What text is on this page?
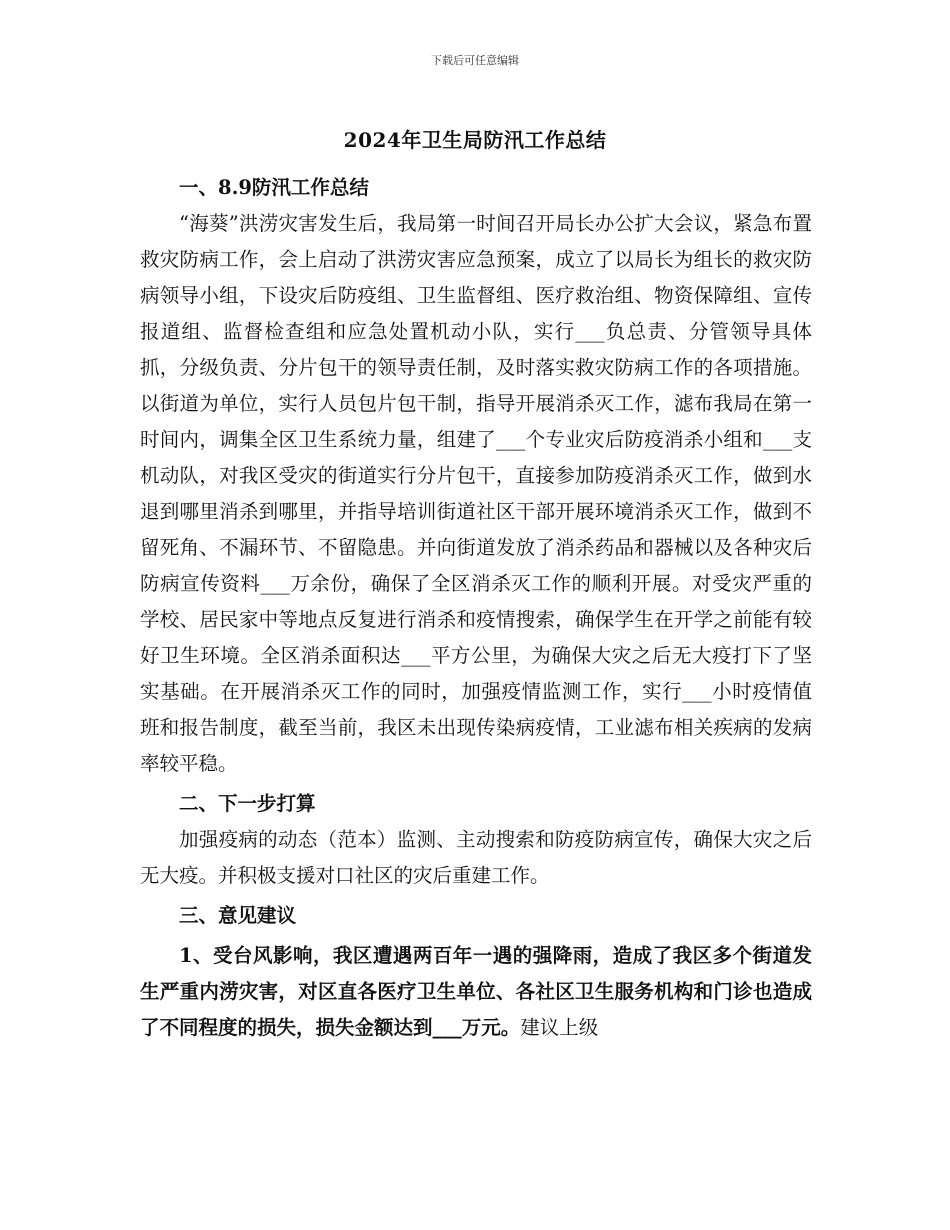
下载后可任意编辑
2024年卫生局防汛工作总结

一、8.9防汛工作总结

“海葵”洪涝灾害发生后，我局第一时间召开局长办公扩大会议，紧急布置救灾防病工作，会上启动了洪涝灾害应急预案，成立了以局长为组长的救灾防病领导小组，下设灾后防疫组、卫生监督组、医疗救治组、物资保障组、宣传报道组、监督检查组和应急处置机动小队，实行___负总责、分管领导具体抓，分级负责、分片包干的领导责任制，及时落实救灾防病工作的各项措施。以街道为单位，实行人员包片包干制，指导开展消杀灭工作，滤布我局在第一时间内，调集全区卫生系统力量，组建了___个专业灾后防疫消杀小组和___支机动队，对我区受灾的街道实行分片包干，直接参加防疫消杀灭工作，做到水退到哪里消杀到哪里，并指导培训街道社区干部开展环境消杀灭工作，做到不留死角、不漏环节、不留隐患。并向街道发放了消杀药品和器械以及各种灾后防病宣传资料___万余份，确保了全区消杀灭工作的顺利开展。对受灾严重的学校、居民家中等地点反复进行消杀和疫情搜索，确保学生在开学之前能有较好卫生环境。全区消杀面积达___平方公里，为确保大灾之后无大疫打下了坚实基础。在开展消杀灭工作的同时，加强疫情监测工作，实行___小时疫情值班和报告制度，截至当前，我区未出现传染病疫情，工业滤布相关疾病的发病率较平稳。

二、下一步打算

加强疫病的动态（范本）监测、主动搜索和防疫防病宣传，确保大灾之后无大疫。并积极支援对口社区的灾后重建工作。

三、意见建议

1、受台风影响，我区遭遇两百年一遇的强降雨，造成了我区多个街道发生严重内涝灾害，对区直各医疗卫生单位、各社区卫生服务机构和门诊也造成了不同程度的损失，损失金额达到___万元。建议上级
